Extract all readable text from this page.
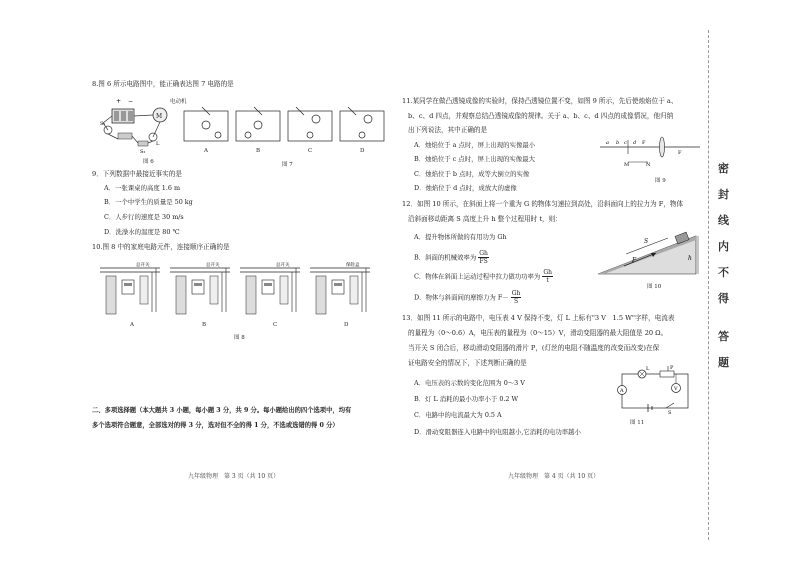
8.图 6 所示电路图中，能正确表达图 7 电路的是
M
+ −
S₁
L
S₂
电动机
图 6
A	B	C	D
图 7
9．下列数据中最接近事实的是
A．一张课桌的高度 1.6 m
B．一个中学生的质量是 50 kg
C．人步行的速度是 30 m/s
D．洗澡水的温度是 80 ℃
10.图 8 中的家庭电路元件，连接顺序正确的是
总开关	总开关	总开关	保险盒
A	B	C	D
图 8
二、多项选择题（本大题共 3 小题，每小题 3 分，共 9 分。每小题给出的四个选项中，均有
多个选项符合题意，全部选对的得 3 分，选对但不全的得 1 分，不选或选错的得 0 分）
九年级物理　第 3 页（共 10 页）
11.某同学在做凸透镜成像的实验时，保持凸透镜位置不变，如图 9 所示，先后使烛焰位于 a、
b、c、d 四点，并观察总结凸透镜成像的规律。关于 a、b、c、d 四点的成像情况，他归纳
出下列说法，其中正确的是
A．烛焰位于 a 点时，屏上出现的实像最小
B．烛焰位于 c 点时，屏上出现的实像最大
C．烛焰位于 b 点时，成等大倒立的实像
D．烛焰位于 d 点时，成放大的虚像
a b c d F
F
M	N
图 9
12．如图 10 所示，在斜面上将一个重为 G 的物体匀速拉到高处，沿斜面向上的拉力为 F，物体
沿斜面移动距离 S 高度上升 h 整个过程用时 t，则：
A．提升物体所做的有用功为 Gh
B．斜面的机械效率为 $\frac{Gh}{FS}$
C．物体在斜面上运动过程中拉力做功功率为 $\frac{Gh}{t}$
D．物体与斜面间的摩擦力为 $F- \frac{Gh}{S}$
S
F	h
图 10
13．如图 11 所示的电路中，电压表 4 V 保持不变，灯 L 上标有"3 V　1.5 W"字样，电流表
的量程为（0～0.6）A，电压表的量程为（0～15）V，滑动变阻器的最大阻值是 20 Ω。
当开关 S 闭合后，移动滑动变阻器的滑片 P，(灯丝的电阻不随温度的改变而改变)在保
证电路安全的情况下，下述判断正确的是
A．电压表的示数的变化范围为 0～3 V
B．灯 L 消耗的最小功率小于 0.2 W
C．电路中的电流最大为 0.5 A
D．滑动变阻器连入电路中的电阻越小,它消耗的电功率越小
L	P
V
A
S
图 11
九年级物理　第 4 页（共 10 页）
密
封
线
内
不
得
答
题
